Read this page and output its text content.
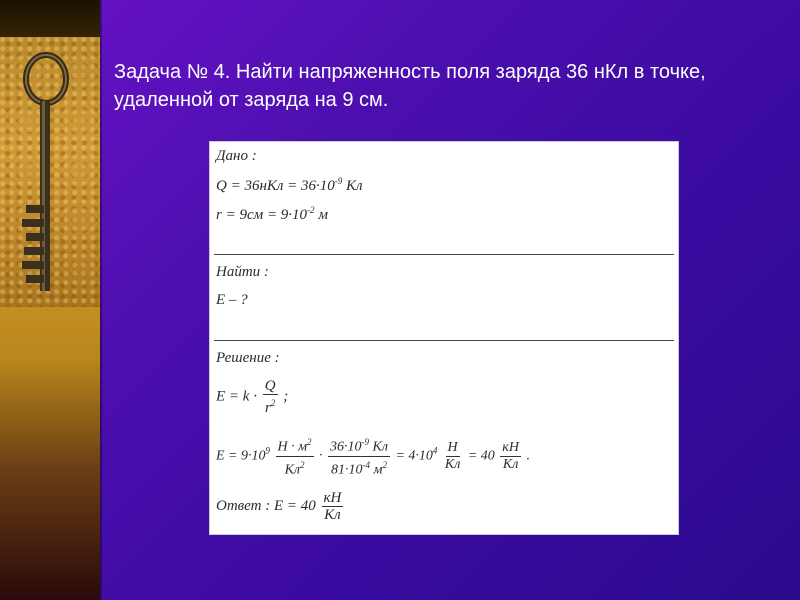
Задача № 4. Найти напряженность поля заряда 36 нКл в точке,
удаленной от заряда на 9 см.
Дано :
$Q = 36нКл = 36\cdot 10^{-9}$ Кл
$r = 9см = 9\cdot 10^{-2}$ м
Найти :
E – ?
Решение :
$E = k \cdot \frac{Q}{r^2}$ ;
$E = 9\cdot 10^9 \frac{Н \cdot м^2}{Кл^2} \cdot \frac{36\cdot 10^{-9} Кл}{81\cdot 10^{-4} м^2} = 4\cdot 10^4 \frac{Н}{Кл} = 40 \frac{кН}{Кл}$ .
Ответ : $E = 40 \frac{кН}{Кл}$
